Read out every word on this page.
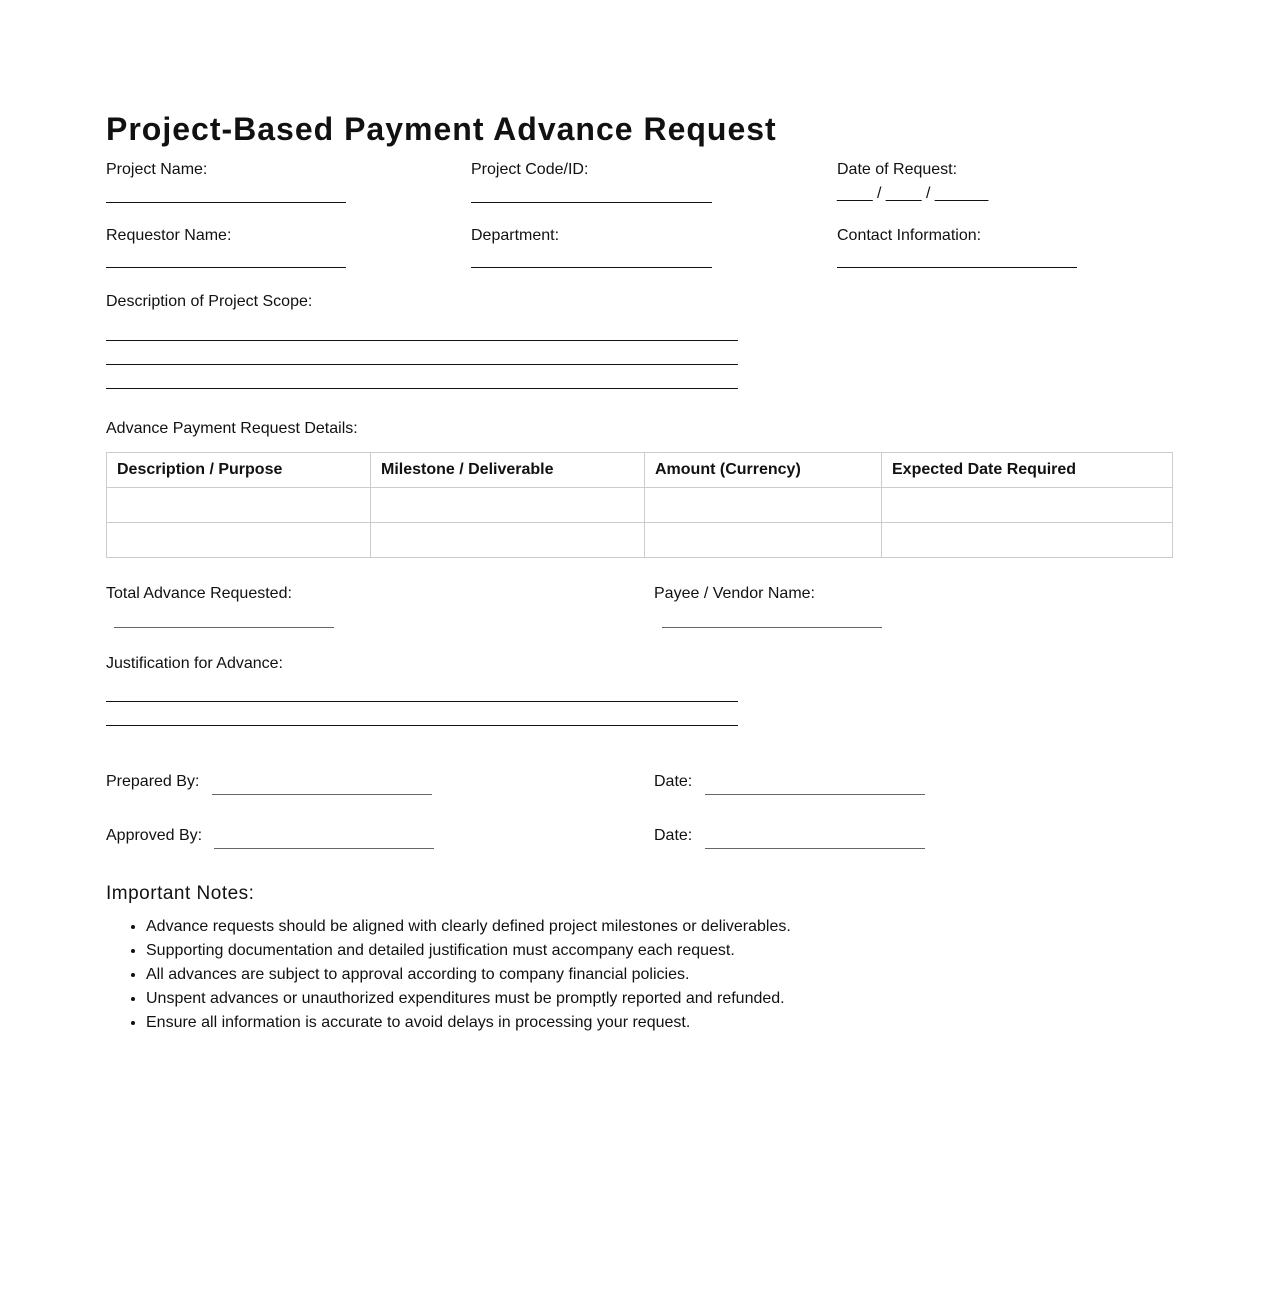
Project-Based Payment Advance Request
Project Name:	Project Code/ID:	Date of Request:
____ / ____ / ______
Requestor Name:	Department:	Contact Information:
Description of Project Scope:
Advance Payment Request Details:
Description / Purpose	Milestone / Deliverable	Amount (Currency)	Expected Date Required

Total Advance Requested:	Payee / Vendor Name:
Justification for Advance:
Prepared By:	Date:
Approved By:	Date:
Important Notes:
• Advance requests should be aligned with clearly defined project milestones or deliverables.
• Supporting documentation and detailed justification must accompany each request.
• All advances are subject to approval according to company financial policies.
• Unspent advances or unauthorized expenditures must be promptly reported and refunded.
• Ensure all information is accurate to avoid delays in processing your request.
